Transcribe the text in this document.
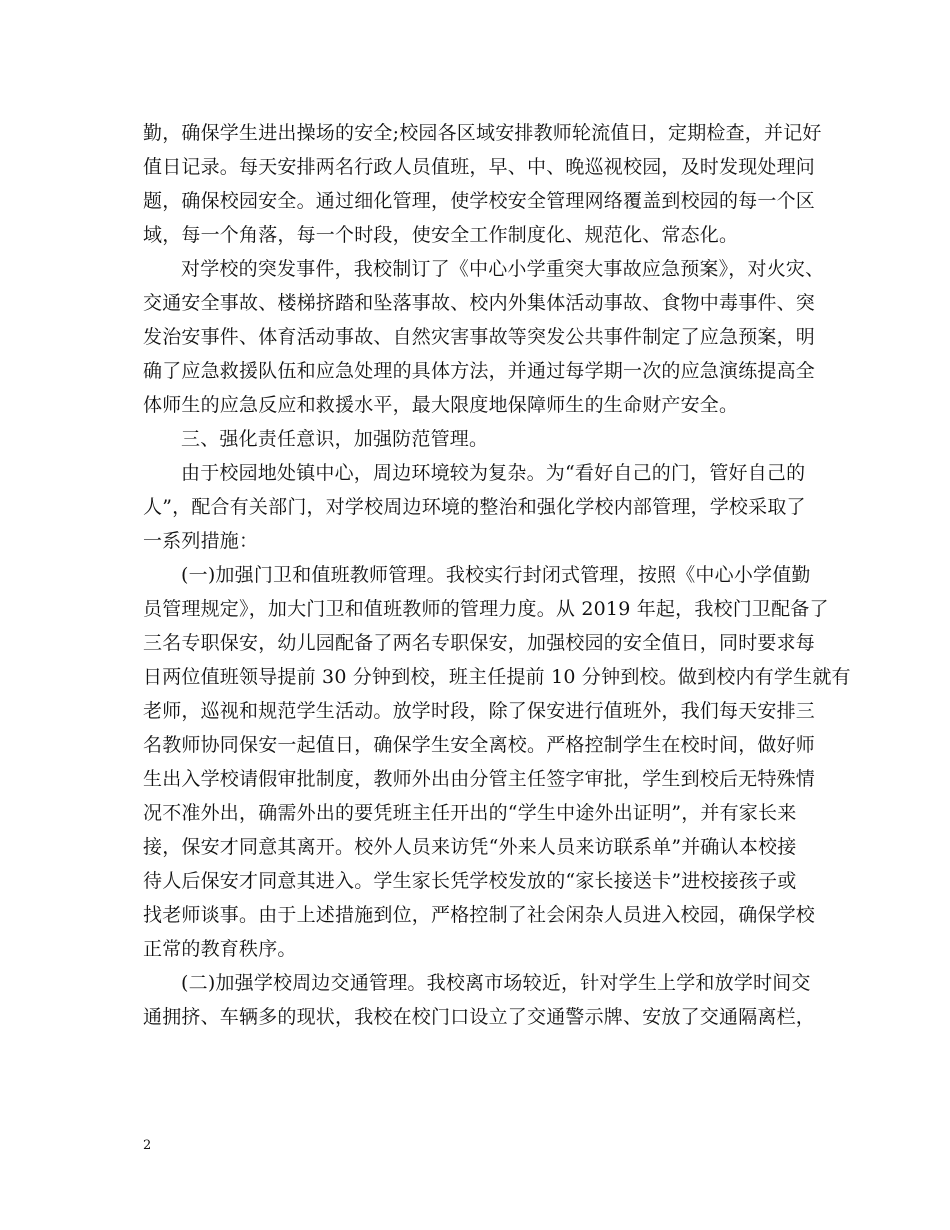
勤，确保学生进出操场的安全;校园各区域安排教师轮流值日，定期检查，并记好
值日记录。每天安排两名行政人员值班，早、中、晚巡视校园，及时发现处理问
题，确保校园安全。通过细化管理，使学校安全管理网络覆盖到校园的每一个区
域，每一个角落，每一个时段，使安全工作制度化、规范化、常态化。
对学校的突发事件，我校制订了《中心小学重突大事故应急预案》，对火灾、
交通安全事故、楼梯挤踏和坠落事故、校内外集体活动事故、食物中毒事件、突
发治安事件、体育活动事故、自然灾害事故等突发公共事件制定了应急预案，明
确了应急救援队伍和应急处理的具体方法，并通过每学期一次的应急演练提高全
体师生的应急反应和救援水平，最大限度地保障师生的生命财产安全。
三、强化责任意识，加强防范管理。
由于校园地处镇中心，周边环境较为复杂。为“看好自己的门，管好自己的
人”，配合有关部门，对学校周边环境的整治和强化学校内部管理，学校采取了
一系列措施：
(一)加强门卫和值班教师管理。我校实行封闭式管理，按照《中心小学值勤
员管理规定》，加大门卫和值班教师的管理力度。从 2019 年起，我校门卫配备了
三名专职保安，幼儿园配备了两名专职保安，加强校园的安全值日，同时要求每
日两位值班领导提前 30 分钟到校，班主任提前 10 分钟到校。做到校内有学生就有
老师，巡视和规范学生活动。放学时段，除了保安进行值班外，我们每天安排三
名教师协同保安一起值日，确保学生安全离校。严格控制学生在校时间，做好师
生出入学校请假审批制度，教师外出由分管主任签字审批，学生到校后无特殊情
况不准外出，确需外出的要凭班主任开出的“学生中途外出证明”，并有家长来
接，保安才同意其离开。校外人员来访凭“外来人员来访联系单”并确认本校接
待人后保安才同意其进入。学生家长凭学校发放的“家长接送卡”进校接孩子或
找老师谈事。由于上述措施到位，严格控制了社会闲杂人员进入校园，确保学校
正常的教育秩序。
(二)加强学校周边交通管理。我校离市场较近，针对学生上学和放学时间交
通拥挤、车辆多的现状，我校在校门口设立了交通警示牌、安放了交通隔离栏，
2
